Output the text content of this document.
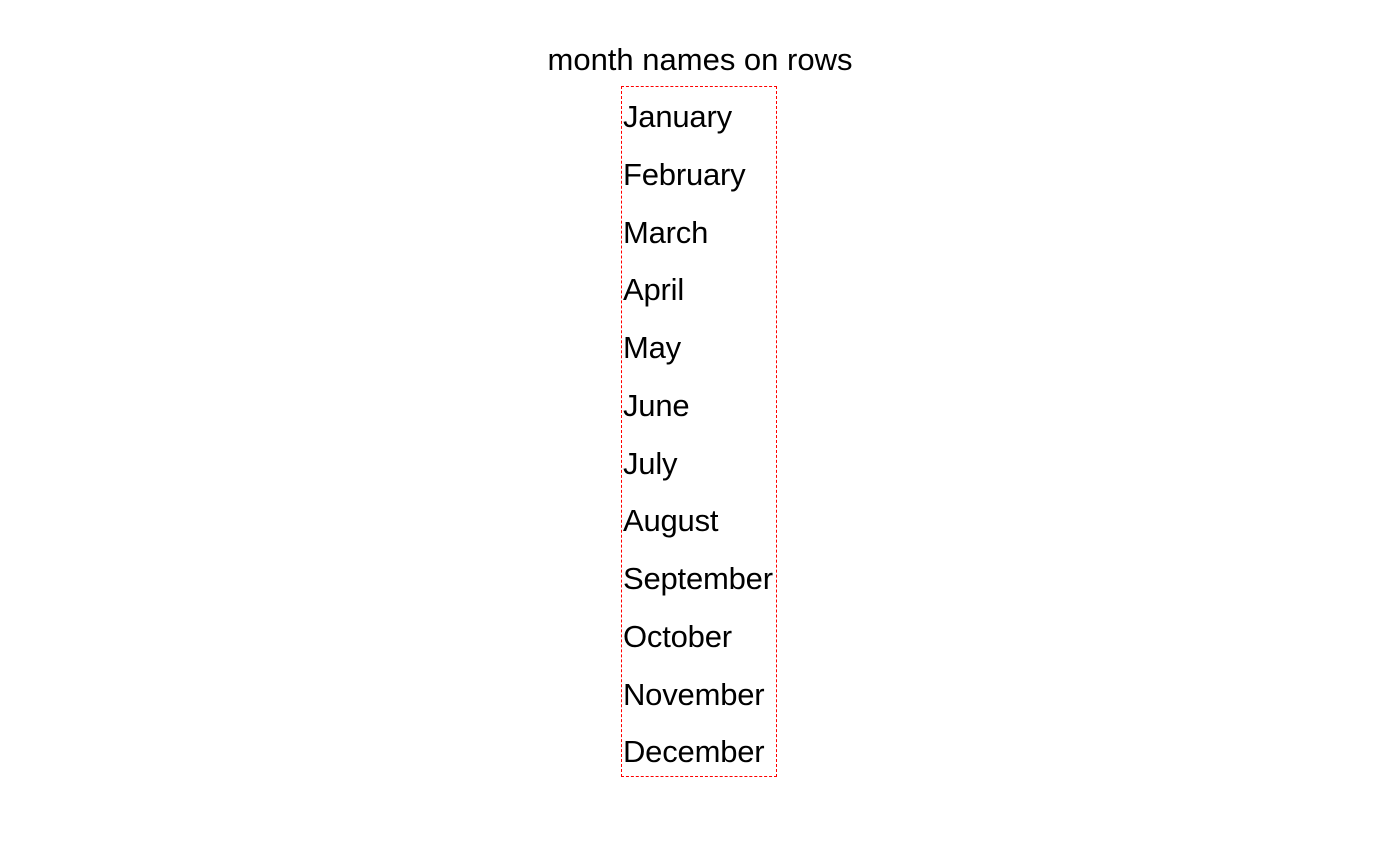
month names on rows
January
February
March
April
May
June
July
August
September
October
November
December
